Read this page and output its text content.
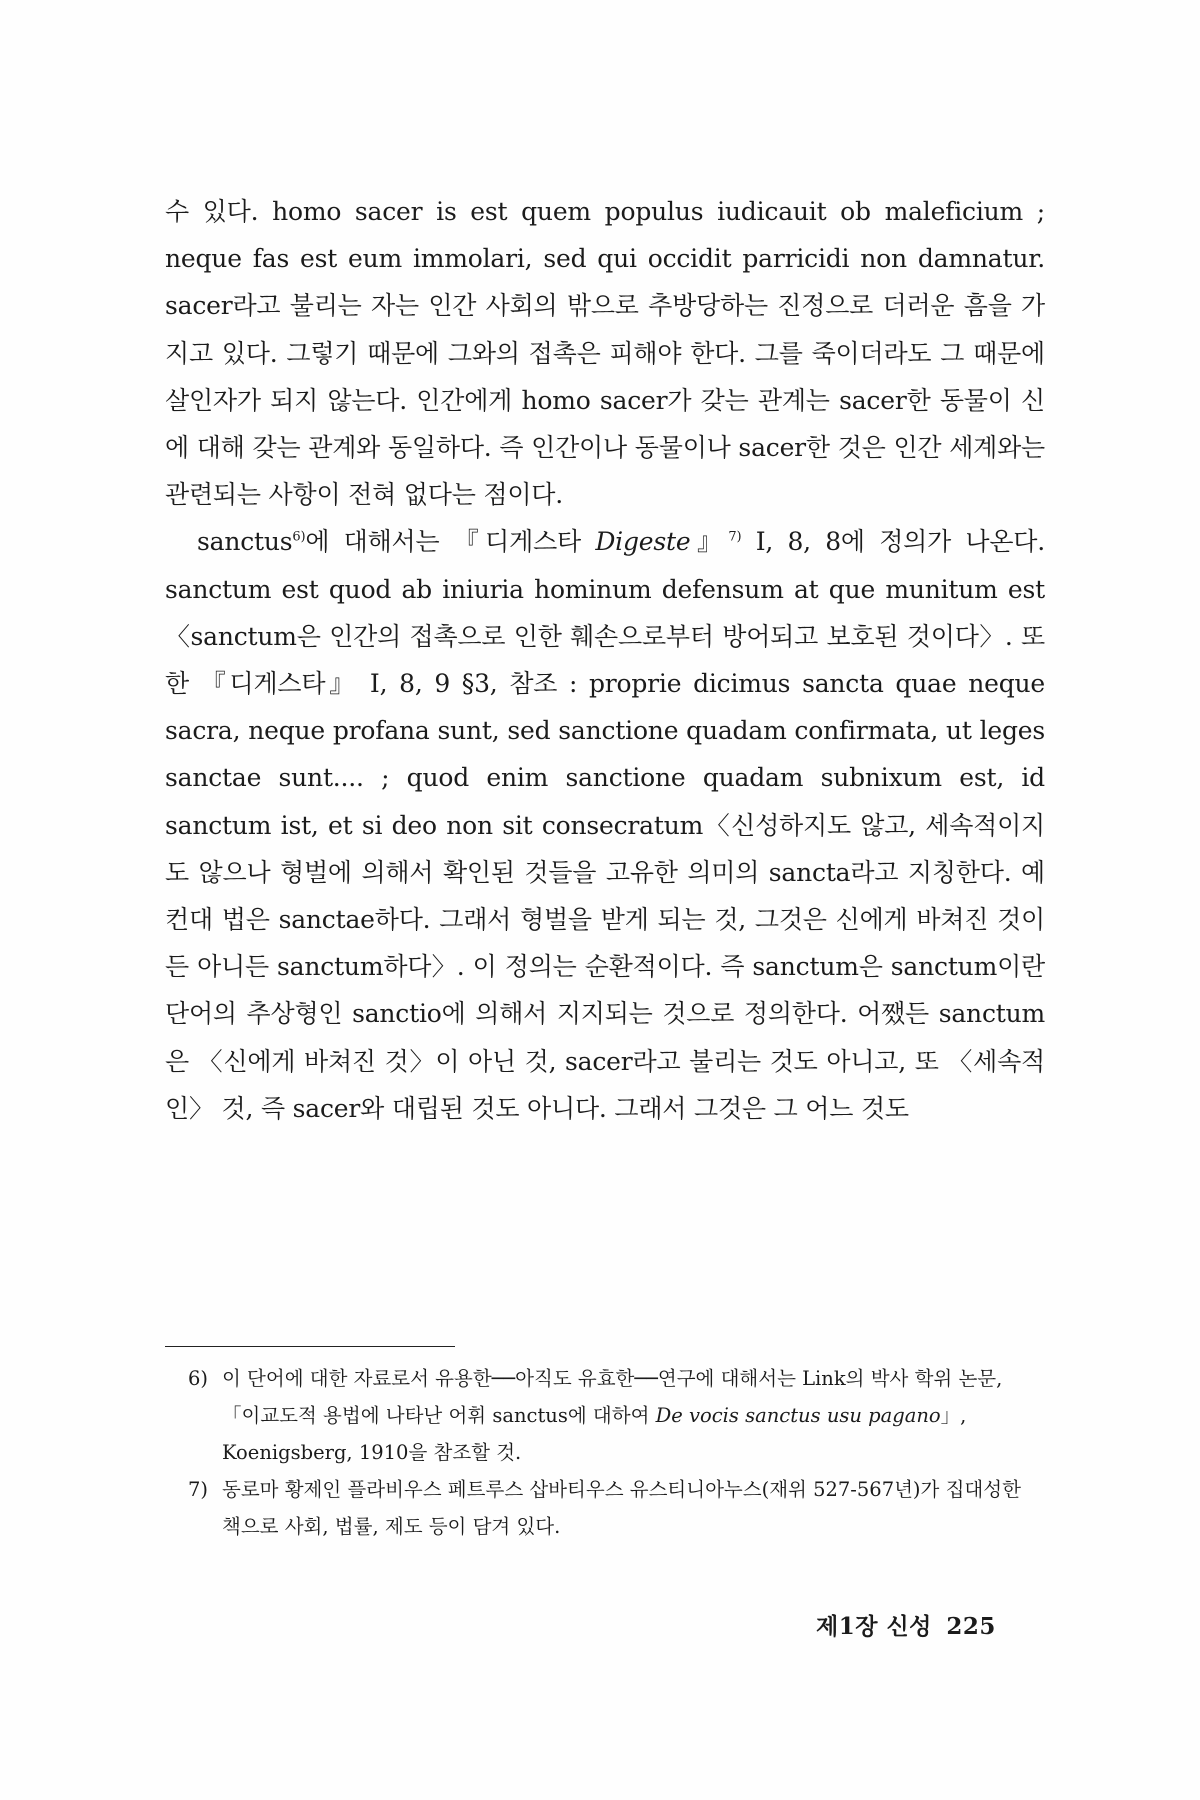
수 있다. homo sacer is est quem populus iudicauit ob maleficium ; neque fas est eum immolari, sed qui occidit parricidi non damnatur. sacer라고 불리는 자는 인간 사회의 밖으로 추방당하는 진정으로 더러운 흠을 가지고 있다. 그렇기 때문에 그와의 접촉은 피해야 한다. 그를 죽이더라도 그 때문에 살인자가 되지 않는다. 인간에게 homo sacer가 갖는 관계는 sacer한 동물이 신에 대해 갖는 관계와 동일하다. 즉 인간이나 동물이나 sacer한 것은 인간 세계와는 관련되는 사항이 전혀 없다는 점이다.

sanctus$^{6)}$에 대해서는 『디게스타 Digeste』$^{7)}$ I, 8, 8에 정의가 나온다. sanctum est quod ab iniuria hominum defensum at que munitum est〈sanctum은 인간의 접촉으로 인한 훼손으로부터 방어되고 보호된 것이다〉. 또한 『디게스타』 I, 8, 9 §3, 참조 : proprie dicimus sancta quae neque sacra, neque profana sunt, sed sanctione quadam confirmata, ut leges sanctae sunt.... ; quod enim sanctione quadam subnixum est, id sanctum ist, et si deo non sit consecratum〈신성하지도 않고, 세속적이지도 않으나 형벌에 의해서 확인된 것들을 고유한 의미의 sancta라고 지칭한다. 예컨대 법은 sanctae하다. 그래서 형벌을 받게 되는 것, 그것은 신에게 바쳐진 것이든 아니든 sanctum하다〉. 이 정의는 순환적이다. 즉 sanctum은 sanctum이란 단어의 추상형인 sanctio에 의해서 지지되는 것으로 정의한다. 어쨌든 sanctum은 〈신에게 바쳐진 것〉이 아닌 것, sacer라고 불리는 것도 아니고, 또 〈세속적인〉 것, 즉 sacer와 대립된 것도 아니다. 그래서 그것은 그 어느 것도

6) 이 단어에 대한 자료로서 유용한──아직도 유효한──연구에 대해서는 Link의 박사 학위 논문, 「이교도적 용법에 나타난 어휘 sanctus에 대하여 De vocis sanctus usu pagano」, Koenigsberg, 1910을 참조할 것.

7) 동로마 황제인 플라비우스 페트루스 삽바티우스 유스티니아누스(재위 527-567년)가 집대성한 책으로 사회, 법률, 제도 등이 담겨 있다.

제1장 신성 225
